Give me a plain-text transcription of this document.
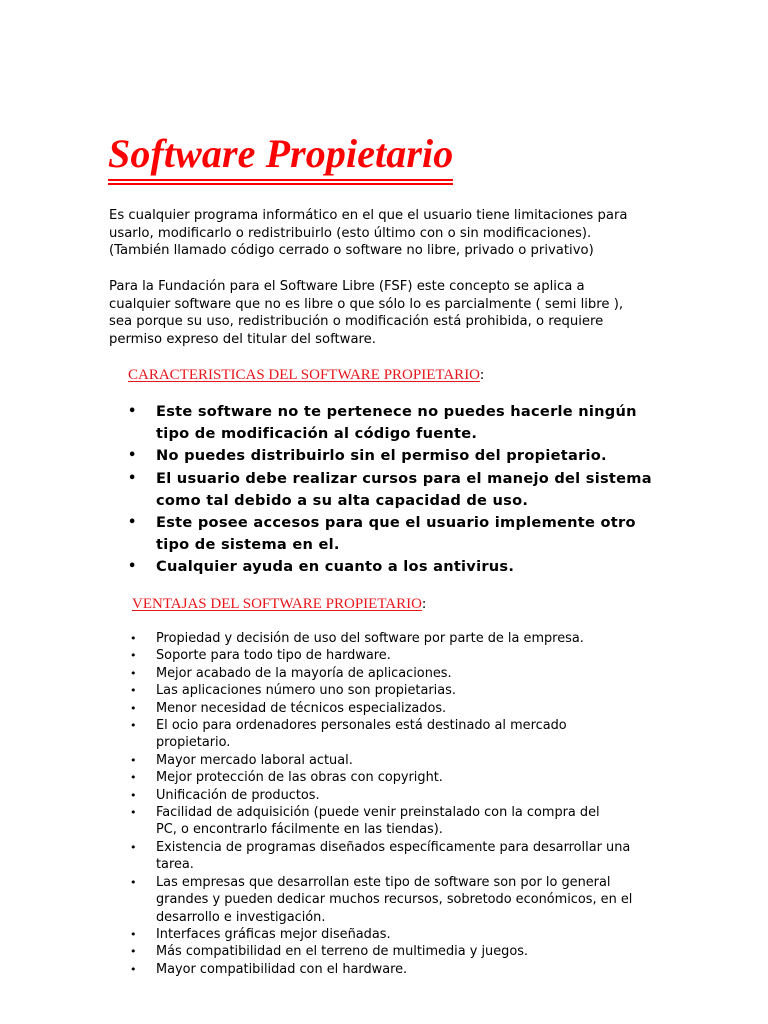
Software Propietario
Es cualquier programa informático en el que el usuario tiene limitaciones para
usarlo, modificarlo o redistribuirlo (esto último con o sin modificaciones).
(También llamado código cerrado o software no libre, privado o privativo)
Para la Fundación para el Software Libre (FSF) este concepto se aplica a
cualquier software que no es libre o que sólo lo es parcialmente ( semi libre ),
sea porque su uso, redistribución o modificación está prohibida, o requiere
permiso expreso del titular del software.
CARACTERISTICAS DEL SOFTWARE PROPIETARIO:
• Este software no te pertenece no puedes hacerle ningún
tipo de modificación al código fuente.
• No puedes distribuirlo sin el permiso del propietario.
• El usuario debe realizar cursos para el manejo del sistema
como tal debido a su alta capacidad de uso.
• Este posee accesos para que el usuario implemente otro
tipo de sistema en el.
• Cualquier ayuda en cuanto a los antivirus.
VENTAJAS DEL SOFTWARE PROPIETARIO:
• Propiedad y decisión de uso del software por parte de la empresa.
• Soporte para todo tipo de hardware.
• Mejor acabado de la mayoría de aplicaciones.
• Las aplicaciones número uno son propietarias.
• Menor necesidad de técnicos especializados.
• El ocio para ordenadores personales está destinado al mercado
propietario.
• Mayor mercado laboral actual.
• Mejor protección de las obras con copyright.
• Unificación de productos.
• Facilidad de adquisición (puede venir preinstalado con la compra del
PC, o encontrarlo fácilmente en las tiendas).
• Existencia de programas diseñados específicamente para desarrollar una
tarea.
• Las empresas que desarrollan este tipo de software son por lo general
grandes y pueden dedicar muchos recursos, sobretodo económicos, en el
desarrollo e investigación.
• Interfaces gráficas mejor diseñadas.
• Más compatibilidad en el terreno de multimedia y juegos.
• Mayor compatibilidad con el hardware.
